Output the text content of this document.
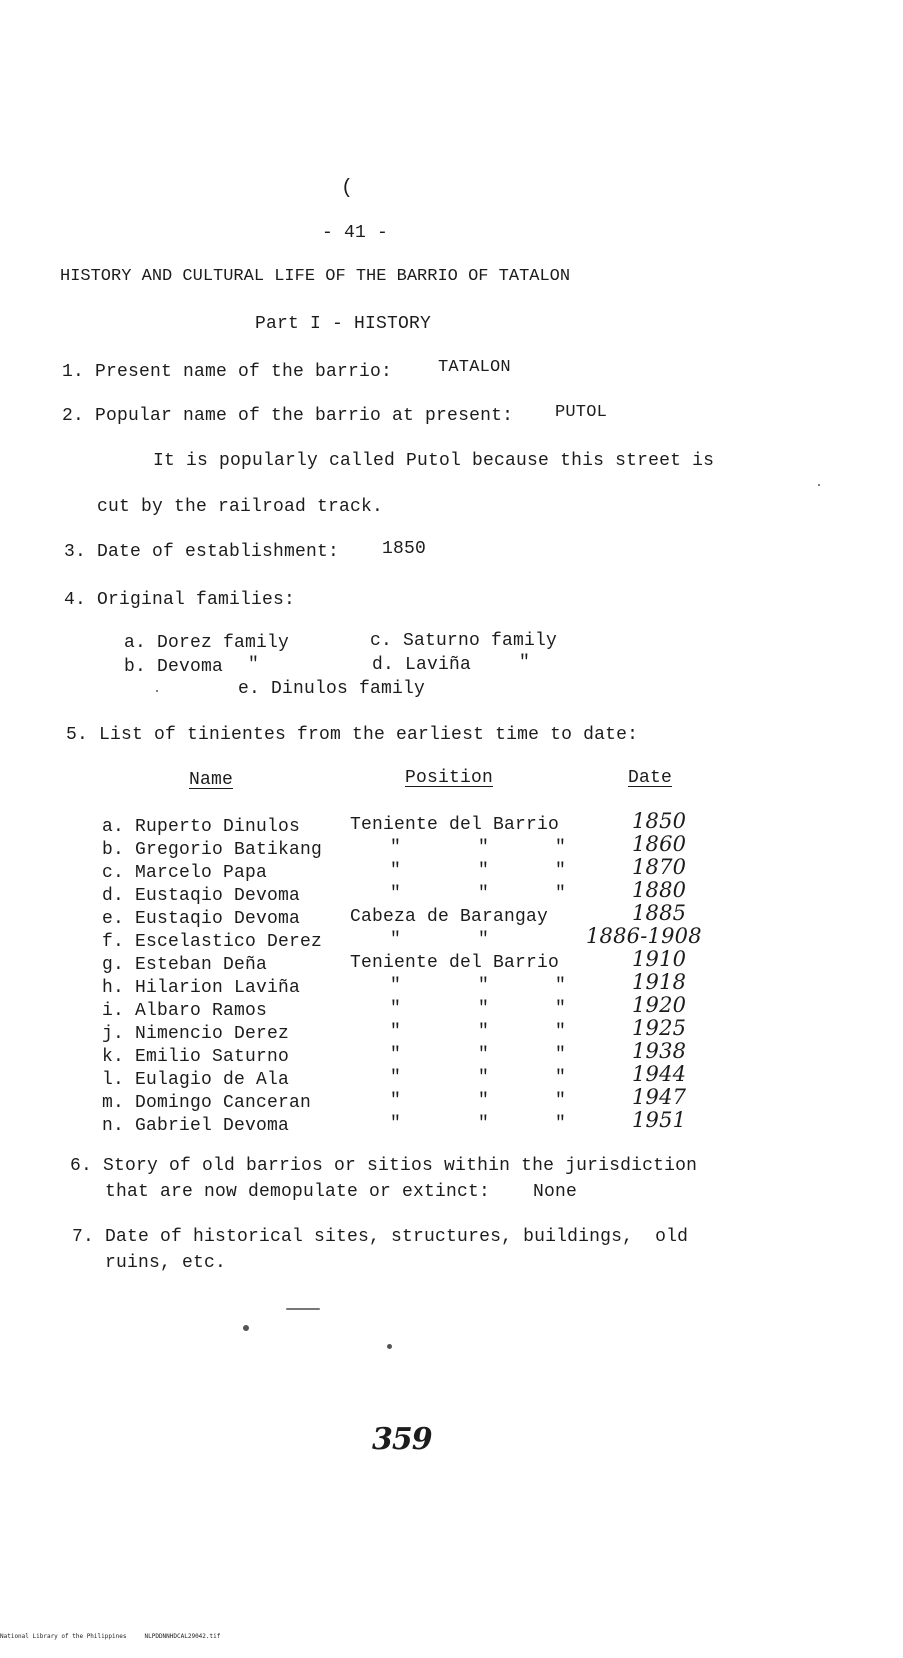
(
- 41 -
HISTORY AND CULTURAL LIFE OF THE BARRIO OF TATALON
Part I - HISTORY
1. Present name of the barrio:	TATALON
2. Popular name of the barrio at present: PUTOL
It is popularly called Putol because this street is
cut by the railroad track.
3. Date of establishment: 1850
4. Original families:
a. Dorez family
b. Devoma "
c. Saturno family
d. Laviña	"
e. Dinulos family
5. List of tinientes from the earliest time to date:
Name	Position	Date
a. Ruperto Dinulos	Teniente del Barrio	1850
b. Gregorio Batikang	"       "      "	1860
c. Marcelo Papa	"       "      "	1870
d. Eustaqio Devoma	"       "      "	1880
e. Eustaqio Devoma	Cabeza de Barangay	1885
f. Escelastico Derez	"       "	1886-1908
g. Esteban Deña	Teniente del Barrio	1910
h. Hilarion Laviña	"       "      "	1918
i. Albaro Ramos	"       "      "	1920
j. Nimencio Derez	"       "      "	1925
k. Emilio Saturno	"       "      "	1938
l. Eulagio de Ala	"       "      "	1944
m. Domingo Canceran	"       "      "	1947
n. Gabriel Devoma	"       "      "	1951
6. Story of old barrios or sitios within the jurisdiction
that are now demopulate or extinct: None
7. Date of historical sites, structures, buildings,  old
ruins, etc.
359
National Library of the Philippines     NLPDDNNHDCAL29042.tif
